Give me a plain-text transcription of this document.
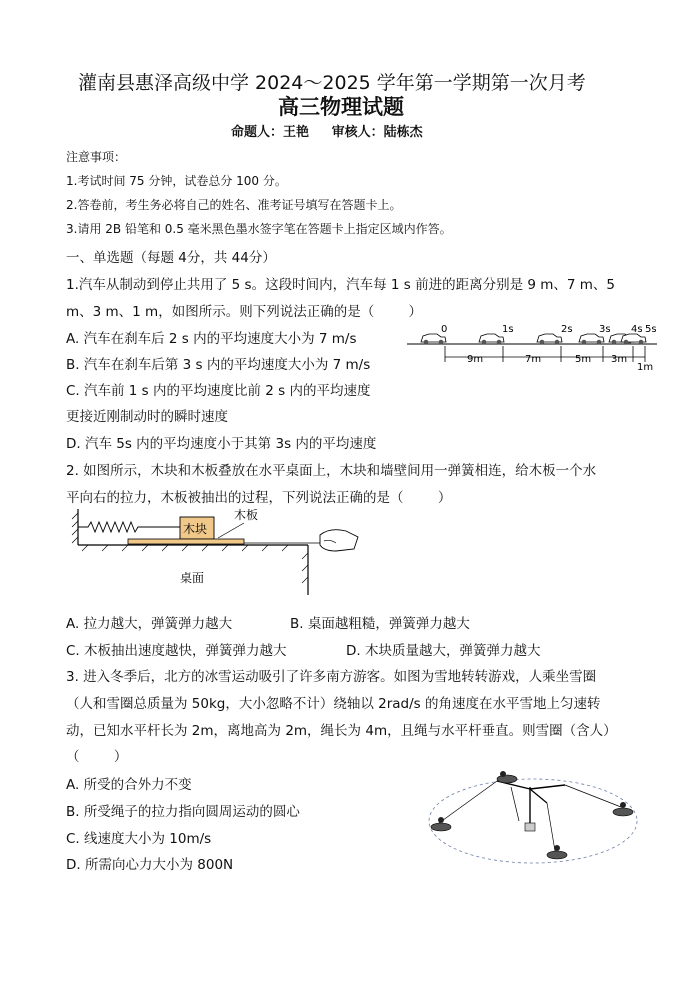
灌南县惠泽高级中学 2024～2025 学年第一学期第一次月考
高三物理试题
命题人：王艳     审核人：陆栋杰
注意事项：
1.考试时间 75 分钟，试卷总分 100 分。
2.答卷前，考生务必将自己的姓名、准考证号填写在答题卡上。
3.请用 2B 铅笔和 0.5 毫米黑色墨水签字笔在答题卡上指定区域内作答。
一、单选题（每题 4分，共 44分）
1.汽车从制动到停止共用了 5 s。这段时间内，汽车每 1 s 前进的距离分别是 9 m、7 m、5
m、3 m、1 m，如图所示。则下列说法正确的是（        ）
A. 汽车在刹车后 2 s 内的平均速度大小为 7 m/s
B. 汽车在刹车后第 3 s 内的平均速度大小为 7 m/s
C. 汽车前 1 s 内的平均速度比前 2 s 内的平均速度
更接近刚制动时的瞬时速度
D. 汽车 5s 内的平均速度小于其第 3s 内的平均速度
0	1s	2s	3s 4s 5s
9m	7m	5m 3m
1m
2. 如图所示，木块和木板叠放在水平桌面上，木块和墙壁间用一弹簧相连，给木板一个水
平向右的拉力，木板被抽出的过程，下列说法正确的是（        ）
木块
木板
桌面
A. 拉力越大，弹簧弹力越大	B. 桌面越粗糙，弹簧弹力越大
C. 木板抽出速度越快，弹簧弹力越大	D. 木块质量越大，弹簧弹力越大
3. 进入冬季后，北方的冰雪运动吸引了许多南方游客。如图为雪地转转游戏，人乘坐雪圈
（人和雪圈总质量为 50kg，大小忽略不计）绕轴以 2rad/s 的角速度在水平雪地上匀速转
动，已知水平杆长为 2m，离地高为 2m，绳长为 4m，且绳与水平杆垂直。则雪圈（含人）
（        ）
A. 所受的合外力不变
B. 所受绳子的拉力指向圆周运动的圆心
C. 线速度大小为 10m/s
D. 所需向心力大小为 800N
